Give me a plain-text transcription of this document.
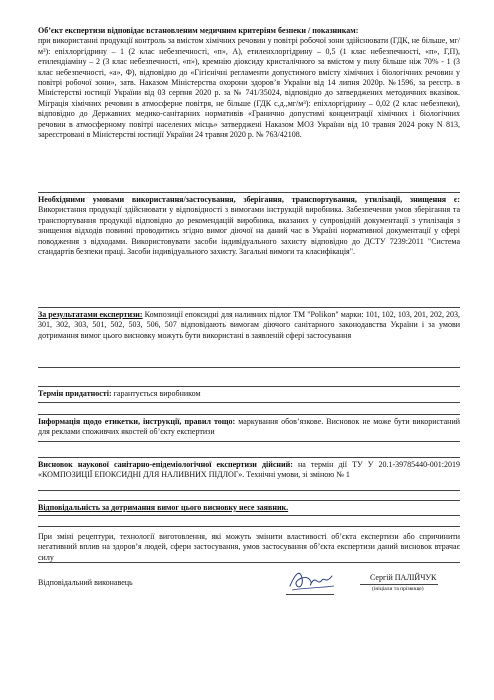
Об’єкт експертизи відповідає встановленим медичним критеріям безпеки / показникам:
при використанні продукції контроль за вмістом хімічних речовин у повітрі робочої зони здійснювати (ГДК, не більше, мг/м³): епіхлоргідрину – 1 (2 клас небезпечності, «п», А), етиленхлоргідрину – 0,5 (1 клас небезпечності, «п», Г,П), етилендіаміну – 2 (3 клас небезпечності, «п»), кремнію діоксиду кристалічного за вмістом у пилу більше ніж 70% - 1 (3 клас небезпечності, «а», Ф), відповідно до «Гігієнічні регламенти допустимого вмісту хімічних і біологічних речовин у повітрі робочої зони», затв. Наказом Міністерства охорони здоров’я України від 14 липня 2020р. №1596, за реєстр. в Міністерстві юстиції України від 03 серпня 2020 р. за № 741/35024, відповідно до затверджених методичних вказівок. Міграція хімічних речовин в атмосферне повітря, не більше (ГДК с.д.,мг/м³): епіхлоргідрину – 0,02 (2 клас небезпеки), відповідно до Державних медико-санітарних нормативів «Гранично допустимі концентрації хімічних і біологічних речовин в атмосферному повітрі населених місць» затверджені Наказом МОЗ України від 10 травня 2024 року N 813, зареєстровані в Міністерстві юстиції України 24 травня 2020 р. № 763/42108.
Необхідними умовами використання/застосування, зберігання, транспортування, утилізації, знищення є: Використання продукції здійснювати у відповідності з вимогами інструкцій виробника. Забезпечення умов зберігання та транспортування продукції відповідно до рекомендацій виробника, вказаних у супровідній документації з утилізація з знищення відходів повинні проводитись згідно вимог діючої на даний час в Україні нормативної документації у сфері поводження з відходами. Використовувати засоби індивідуального захисту відповідно до ДСТУ 7239:2011 "Система стандартів безпеки праці. Засоби індивідуального захисту. Загальні вимоги та класифікація".
За результатами експертизи: Композиції епоксидні для наливних підлог ТМ "Polikon" марки: 101, 102, 103, 201, 202, 203, 301, 302, 303, 501, 502, 503, 506, 507 відповідають вимогам діючого санітарного законодавства України і за умови дотримання вимог цього висновку можуть бути використані в заявленій сфері застосування
Термін придатності: гарантується виробником
Інформація щодо етикетки, інструкції, правил тощо: маркування обов’язкове. Висновок не може бути використаний для реклами споживчих якостей об’єкту експертизи
Висновок наукової санітарно-епідеміологічної експертизи дійсний: на термін дії ТУ У 20.1-39785440-001:2019 «КОМПОЗИЦІЇ ЕПОКСИДНІ ДЛЯ НАЛИВНИХ ПІДЛОГ». Технічні умови, зі зміною № 1
Відповідальність за дотримання вимог цього висновку несе заявник.
При зміні рецептури, технології виготовлення, які можуть змінити властивості об’єкта експертизи або спричинити негативний вплив на здоров’я людей, сфери застосування, умов застосування об’єкта експертизи даний висновок втрачає силу
Відповідальний виконавець
Сергій ПАЛІЙЧУК
(ініціали та прізвище)
